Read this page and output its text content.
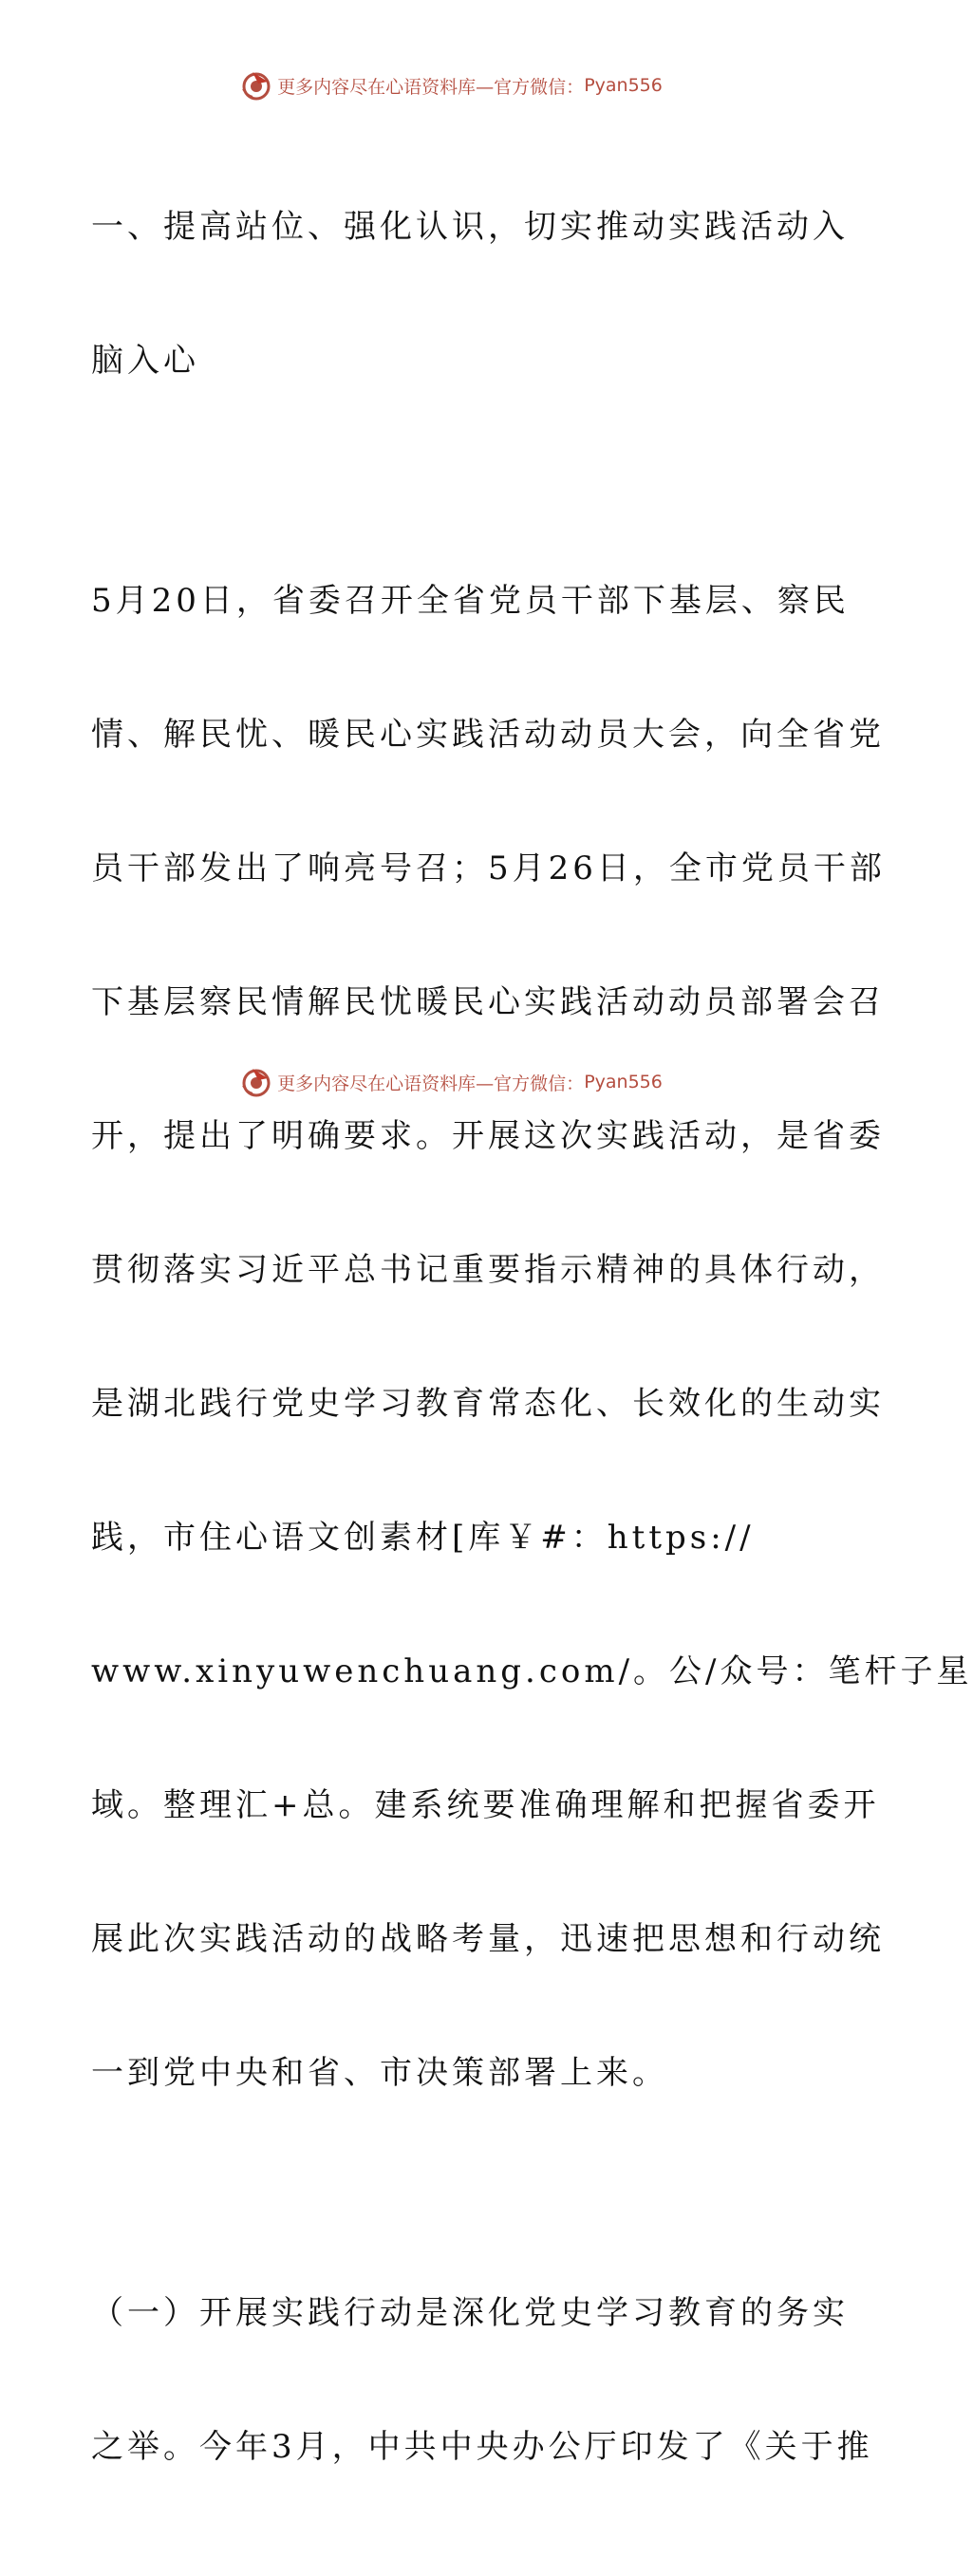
更多内容尽在心语资料库— 官方微信： Pyan556

一、提高站位、强化认识，切实推动实践活动入

脑入心

5月20日，省委召开全省党员干部下基层、察民

情、解民忧、暖民心实践活动动员大会，向全省党

员干部发出了响亮号召；5月26日，全市党员干部

下基层察民情解民忧暖民心实践活动动员部署会召

开，提出了明确要求。开展这次实践活动，是省委

贯彻落实习近平总书记重要指示精神的具体行动，

是湖北践行党史学习教育常态化、长效化的生动实

践，市住心语文创素材[库￥#：https://

www.xinyuwenchuang.com/。公/众号：笔杆子星

域。整理汇+总。建系统要准确理解和把握省委开

展此次实践活动的战略考量，迅速把思想和行动统

一到党中央和省、市决策部署上来。

（一）开展实践行动是深化党史学习教育的务实

之举。今年3月，中共中央办公厅印发了《关于推

更多内容尽在心语资料库— 官方微信： Pyan556
